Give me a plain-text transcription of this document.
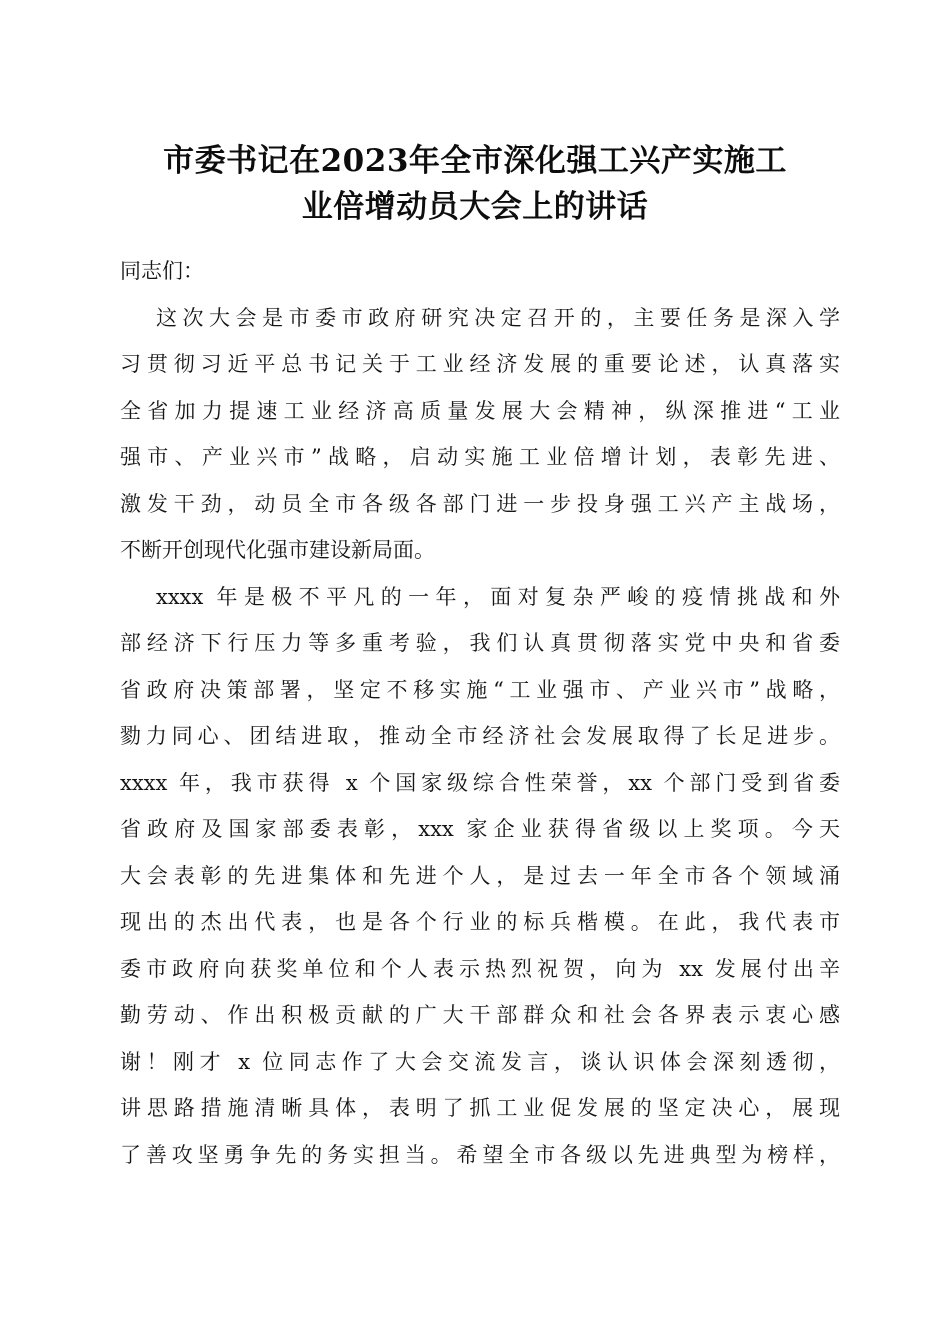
市委书记在2023年全市深化强工兴产实施工
业倍增动员大会上的讲话
同志们：
这次大会是市委市政府研究决定召开的，主要任务是深入学
习贯彻习近平总书记关于工业经济发展的重要论述，认真落实
全省加力提速工业经济高质量发展大会精神，纵深推进“工业
强市、产业兴市”战略，启动实施工业倍增计划，表彰先进、
激发干劲，动员全市各级各部门进一步投身强工兴产主战场，
不断开创现代化强市建设新局面。
xxxx 年是极不平凡的一年，面对复杂严峻的疫情挑战和外
部经济下行压力等多重考验，我们认真贯彻落实党中央和省委
省政府决策部署，坚定不移实施“工业强市、产业兴市”战略，
勠力同心、团结进取，推动全市经济社会发展取得了长足进步。
xxxx 年，我市获得 x 个国家级综合性荣誉，xx 个部门受到省委
省政府及国家部委表彰，xxx 家企业获得省级以上奖项。今天
大会表彰的先进集体和先进个人，是过去一年全市各个领域涌
现出的杰出代表，也是各个行业的标兵楷模。在此，我代表市
委市政府向获奖单位和个人表示热烈祝贺，向为 xx 发展付出辛
勤劳动、作出积极贡献的广大干部群众和社会各界表示衷心感
谢！刚才 x 位同志作了大会交流发言，谈认识体会深刻透彻，
讲思路措施清晰具体，表明了抓工业促发展的坚定决心，展现
了善攻坚勇争先的务实担当。希望全市各级以先进典型为榜样，
